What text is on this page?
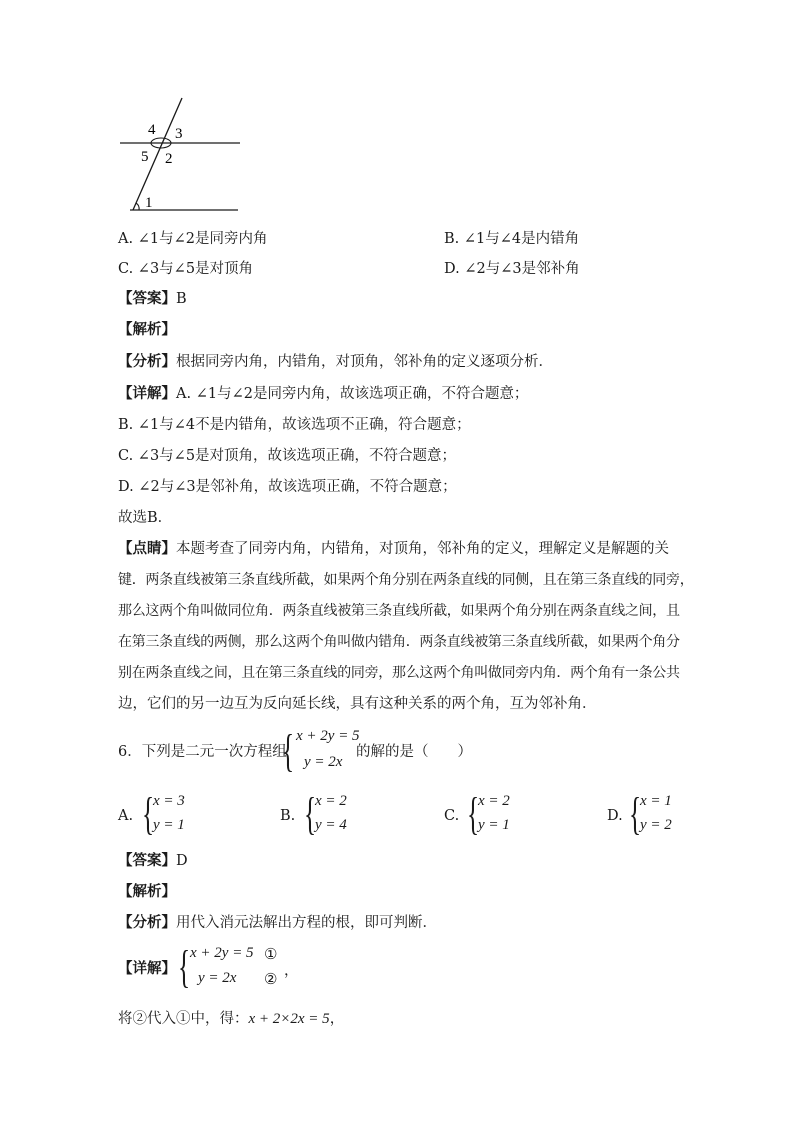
4 3
5 2
1
A. ∠1与∠2是同旁内角	B. ∠1与∠4是内错角
C. ∠3与∠5是对顶角	D. ∠2与∠3是邻补角
【答案】B
【解析】
【分析】根据同旁内角，内错角，对顶角，邻补角的定义逐项分析．
【详解】A. ∠1与∠2是同旁内角，故该选项正确，不符合题意；
B. ∠1与∠4不是内错角，故该选项不正确，符合题意；
C. ∠3与∠5是对顶角，故该选项正确，不符合题意；
D. ∠2与∠3是邻补角，故该选项正确，不符合题意；
故选B．
【点睛】本题考查了同旁内角，内错角，对顶角，邻补角的定义，理解定义是解题的关
键．两条直线被第三条直线所截，如果两个角分别在两条直线的同侧，且在第三条直线的同旁，
那么这两个角叫做同位角．两条直线被第三条直线所截，如果两个角分别在两条直线之间，且
在第三条直线的两侧，那么这两个角叫做内错角．两条直线被第三条直线所截，如果两个角分
别在两条直线之间，且在第三条直线的同旁，那么这两个角叫做同旁内角．两个角有一条公共
边，它们的另一边互为反向延长线，具有这种关系的两个角，互为邻补角．
6．下列是二元一次方程组
{ x + 2y = 5
y = 2x
的解的是（　　）
A. {
x = 3
y = 1
B. {
x = 2
y = 4
C. {
x = 2
y = 1
D. {
x = 1
y = 2
【答案】D
【解析】
【分析】用代入消元法解出方程的根，即可判断．
【详解】 { x + 2y = 5 ①
y = 2x ②
，
将②代入①中，得：x + 2×2x = 5，
